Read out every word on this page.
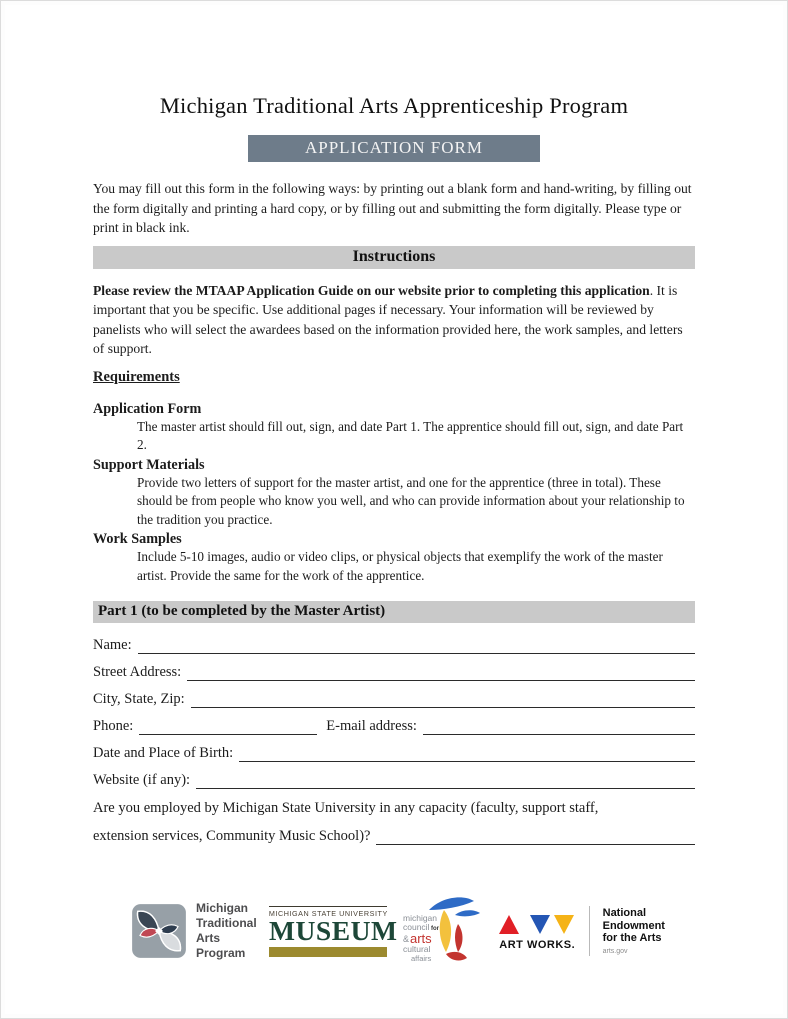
Michigan Traditional Arts Apprenticeship Program
APPLICATION FORM

You may fill out this form in the following ways: by printing out a blank form and hand-writing, by filling out the form digitally and printing a hard copy, or by filling out and submitting the form digitally. Please type or print in black ink.

Instructions

Please review the MTAAP Application Guide on our website prior to completing this application. It is important that you be specific. Use additional pages if necessary. Your information will be reviewed by panelists who will select the awardees based on the information provided here, the work samples, and letters of support.

Requirements
Application Form

The master artist should fill out, sign, and date Part 1. The apprentice should fill out, sign, and date Part 2.

Support Materials

Provide two letters of support for the master artist, and one for the apprentice (three in total). These should be from people who know you well, and who can provide information about your relationship to the tradition you practice.

Work Samples

Include 5-10 images, audio or video clips, or physical objects that exemplify the work of the master artist. Provide the same for the work of the apprentice.

Part 1 (to be completed by the Master Artist)
Name:
Street Address:
City, State, Zip:
Phone:	E-mail address:
Date and Place of Birth:
Website (if any):
Are you employed by Michigan State University in any capacity (faculty, support staff,
extension services, Community Music School)?
Michigan
Traditional
Arts
Program
MICHIGAN STATE UNIVERSITY
MUSEUM michigan
council for
& arts
cultural
affairs
ART WORKS.
National
Endowment
for the Arts
arts.gov
